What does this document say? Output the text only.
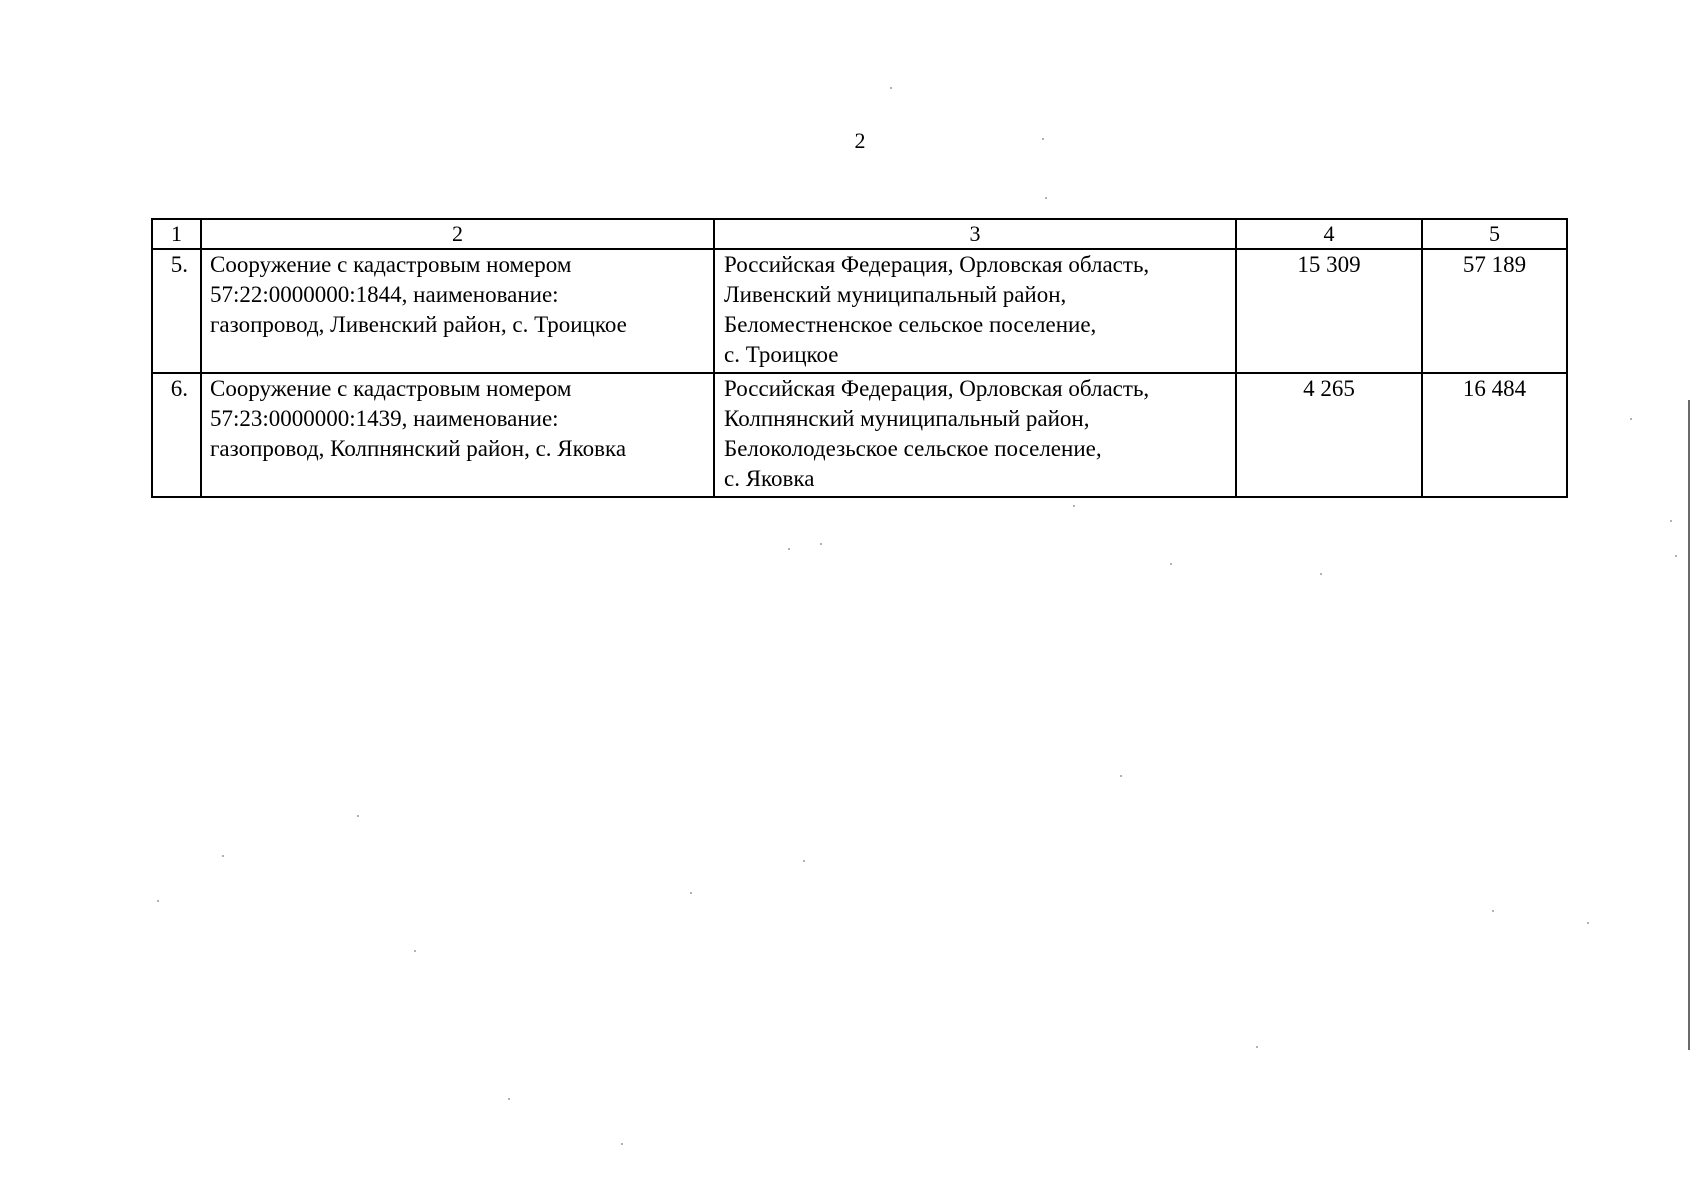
2
1	2	3	4	5
5.	Сооружение с кадастровым номером
57:22:0000000:1844, наименование:
газопровод, Ливенский район, с. Троицкое	Российская Федерация, Орловская область,
Ливенский муниципальный район,
Беломестненское сельское поселение,
с. Троицкое	15 309	57 189
6.	Сооружение с кадастровым номером
57:23:0000000:1439, наименование:
газопровод, Колпнянский район, с. Яковка	Российская Федерация, Орловская область,
Колпнянский муниципальный район,
Белоколодезьское сельское поселение,
с. Яковка	4 265	16 484
